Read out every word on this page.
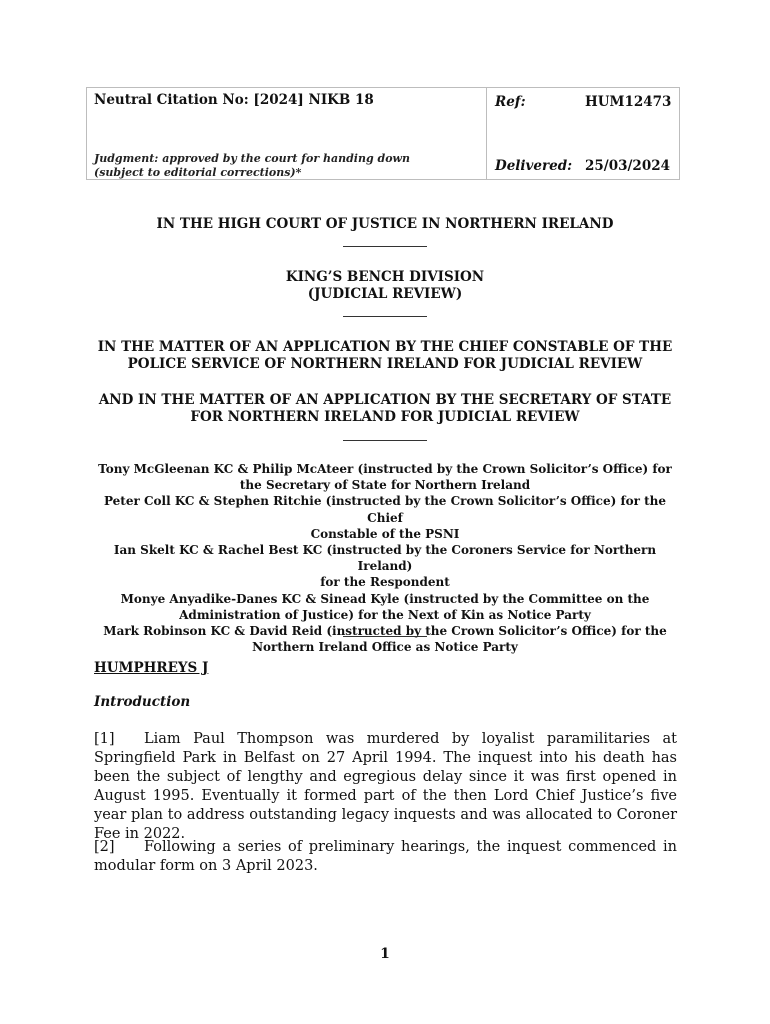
Neutral Citation No: [2024] NIKB 18
Judgment: approved by the court for handing down
(subject to editorial corrections)*
Ref:	HUM12473
Delivered: 25/03/2024
IN THE HIGH COURT OF JUSTICE IN NORTHERN IRELAND
KING’S BENCH DIVISION
(JUDICIAL REVIEW)
IN THE MATTER OF AN APPLICATION BY THE CHIEF CONSTABLE OF THE
POLICE SERVICE OF NORTHERN IRELAND FOR JUDICIAL REVIEW
AND IN THE MATTER OF AN APPLICATION BY THE SECRETARY OF STATE
FOR NORTHERN IRELAND FOR JUDICIAL REVIEW
Tony McGleenan KC & Philip McAteer (instructed by the Crown Solicitor’s Office) for
the Secretary of State for Northern Ireland
Peter Coll KC & Stephen Ritchie (instructed by the Crown Solicitor’s Office) for the Chief
Constable of the PSNI
Ian Skelt KC & Rachel Best KC (instructed by the Coroners Service for Northern Ireland)
for the Respondent
Monye Anyadike-Danes KC & Sinead Kyle (instructed by the Committee on the
Administration of Justice) for the Next of Kin as Notice Party
Mark Robinson KC & David Reid (instructed by the Crown Solicitor’s Office) for the
Northern Ireland Office as Notice Party
HUMPHREYS J
Introduction
[1] Liam Paul Thompson was murdered by loyalist paramilitaries at Springfield Park in Belfast on 27 April 1994. The inquest into his death has been the subject of lengthy and egregious delay since it was first opened in August 1995. Eventually it formed part of the then Lord Chief Justice’s five year plan to address outstanding legacy inquests and was allocated to Coroner Fee in 2022.
[2] Following a series of preliminary hearings, the inquest commenced in modular form on 3 April 2023.
1
